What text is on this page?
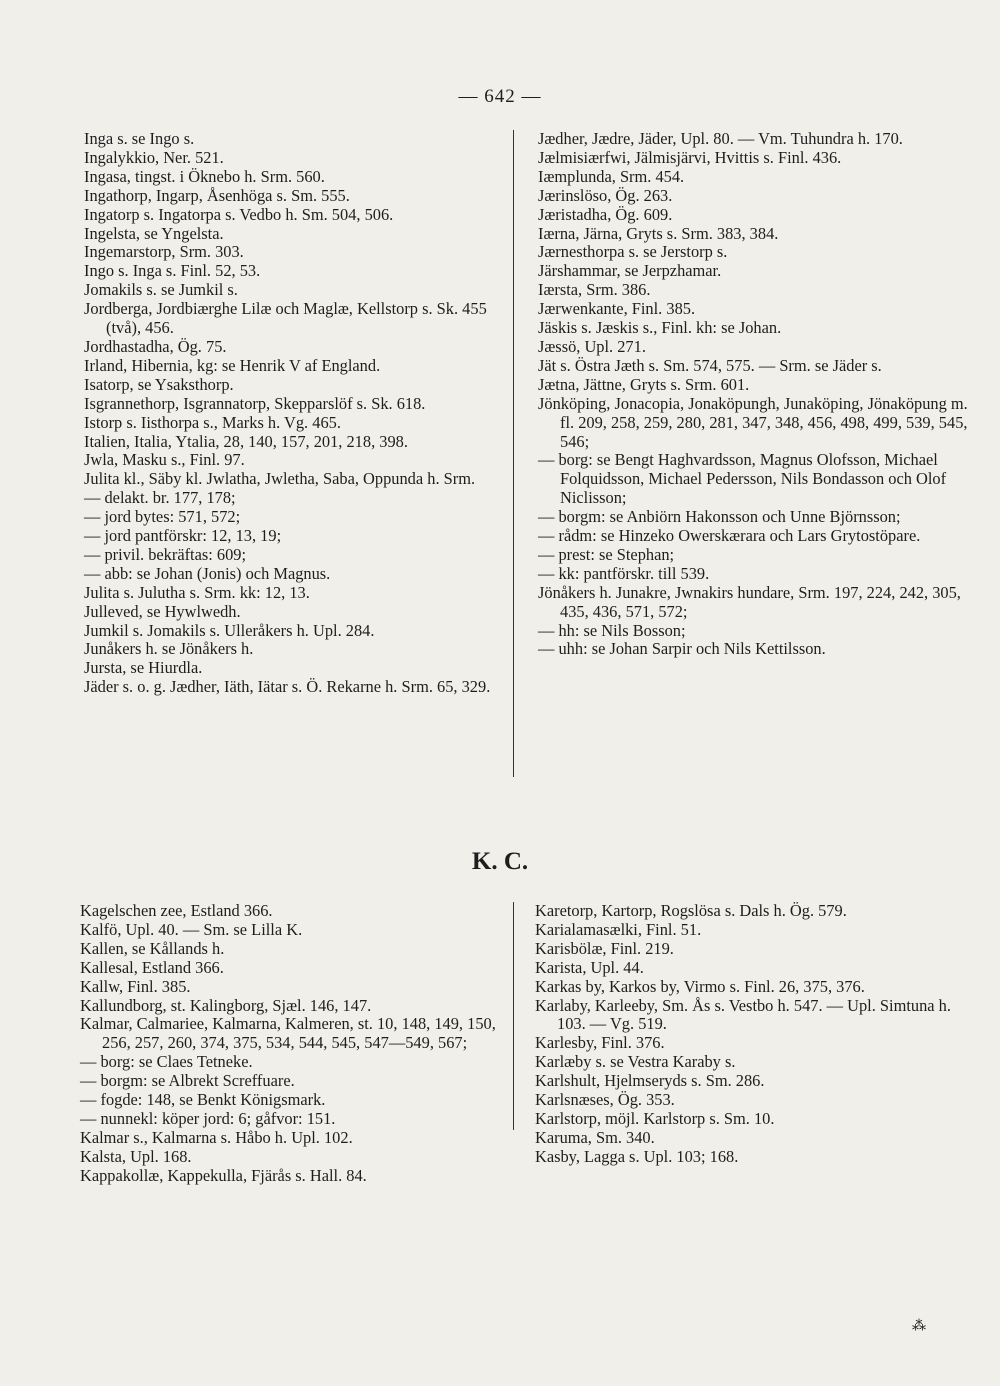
— 642 —
Inga s. se Ingo s.
Ingalykkio, Ner. 521.
Ingasa, tingst. i Öknebo h. Srm. 560.
Ingathorp, Ingarp, Åsenhöga s. Sm. 555.
Ingatorp s. Ingatorpa s. Vedbo h. Sm. 504, 506.
Ingelsta, se Yngelsta.
Ingemarstorp, Srm. 303.
Ingo s. Inga s. Finl. 52, 53.
Jomakils s. se Jumkil s.
Jordberga, Jordbiærghe Lilæ och Maglæ, Kellstorp s. Sk. 455 (två), 456.
Jordhastadha, Ög. 75.
Irland, Hibernia, kg: se Henrik V af England.
Isatorp, se Ysaksthorp.
Isgrannethorp, Isgrannatorp, Skepparslöf s. Sk. 618.
Istorp s. Iisthorpa s., Marks h. Vg. 465.
Italien, Italia, Ytalia, 28, 140, 157, 201, 218, 398.
Jwla, Masku s., Finl. 97.
Julita kl., Säby kl. Jwlatha, Jwletha, Saba, Oppunda h. Srm.
— delakt. br. 177, 178;
— jord bytes: 571, 572;
— jord pantförskr: 12, 13, 19;
— privil. bekräftas: 609;
— abb: se Johan (Jonis) och Magnus.
Julita s. Julutha s. Srm. kk: 12, 13.
Julleved, se Hywlwedh.
Jumkil s. Jomakils s. Ulleråkers h. Upl. 284.
Junåkers h. se Jönåkers h.
Jursta, se Hiurdla.
Jäder s. o. g. Jædher, Iäth, Iätar s. Ö. Rekarne h. Srm. 65, 329.
Jædher, Jædre, Jäder, Upl. 80. — Vm. Tuhundra h. 170.
Jælmisiærfwi, Jälmisjärvi, Hvittis s. Finl. 436.
Iæmplunda, Srm. 454.
Jærinslöso, Ög. 263.
Jæristadha, Ög. 609.
Iærna, Järna, Gryts s. Srm. 383, 384.
Jærnesthorpa s. se Jerstorp s.
Järshammar, se Jerpzhamar.
Iærsta, Srm. 386.
Jærwenkante, Finl. 385.
Jäskis s. Jæskis s., Finl. kh: se Johan.
Jæssö, Upl. 271.
Jät s. Östra Jæth s. Sm. 574, 575. — Srm. se Jäder s.
Jætna, Jättne, Gryts s. Srm. 601.
Jönköping, Jonacopia, Jonaköpungh, Junaköping, Jönaköpung m. fl. 209, 258, 259, 280, 281, 347, 348, 456, 498, 499, 539, 545, 546;
— borg: se Bengt Haghvardsson, Magnus Olofsson, Michael Folquidsson, Michael Pedersson, Nils Bondasson och Olof Niclisson;
— borgm: se Anbiörn Hakonsson och Unne Björnsson;
— rådm: se Hinzeko Owerskærara och Lars Grytostöpare.
— prest: se Stephan;
— kk: pantförskr. till 539.
Jönåkers h. Junakre, Jwnakirs hundare, Srm. 197, 224, 242, 305, 435, 436, 571, 572;
— hh: se Nils Bosson;
— uhh: se Johan Sarpir och Nils Kettilsson.
K. C.
Kagelschen zee, Estland 366.
Kalfö, Upl. 40. — Sm. se Lilla K.
Kallen, se Kållands h.
Kallesal, Estland 366.
Kallw, Finl. 385.
Kallundborg, st. Kalingborg, Sjæl. 146, 147.
Kalmar, Calmariee, Kalmarna, Kalmeren, st. 10, 148, 149, 150, 256, 257, 260, 374, 375, 534, 544, 545, 547—549, 567;
— borg: se Claes Tetneke.
— borgm: se Albrekt Screffuare.
— fogde: 148, se Benkt Königsmark.
— nunnekl: köper jord: 6; gåfvor: 151.
Kalmar s., Kalmarna s. Håbo h. Upl. 102.
Kalsta, Upl. 168.
Kappakollæ, Kappekulla, Fjärås s. Hall. 84.
Karetorp, Kartorp, Rogslösa s. Dals h. Ög. 579.
Karialamasælki, Finl. 51.
Karisbölæ, Finl. 219.
Karista, Upl. 44.
Karkas by, Karkos by, Virmo s. Finl. 26, 375, 376.
Karlaby, Karleeby, Sm. Ås s. Vestbo h. 547. — Upl. Simtuna h. 103. — Vg. 519.
Karlesby, Finl. 376.
Karlæby s. se Vestra Karaby s.
Karlshult, Hjelmseryds s. Sm. 286.
Karlsnæses, Ög. 353.
Karlstorp, möjl. Karlstorp s. Sm. 10.
Karuma, Sm. 340.
Kasby, Lagga s. Upl. 103; 168.
⁂
